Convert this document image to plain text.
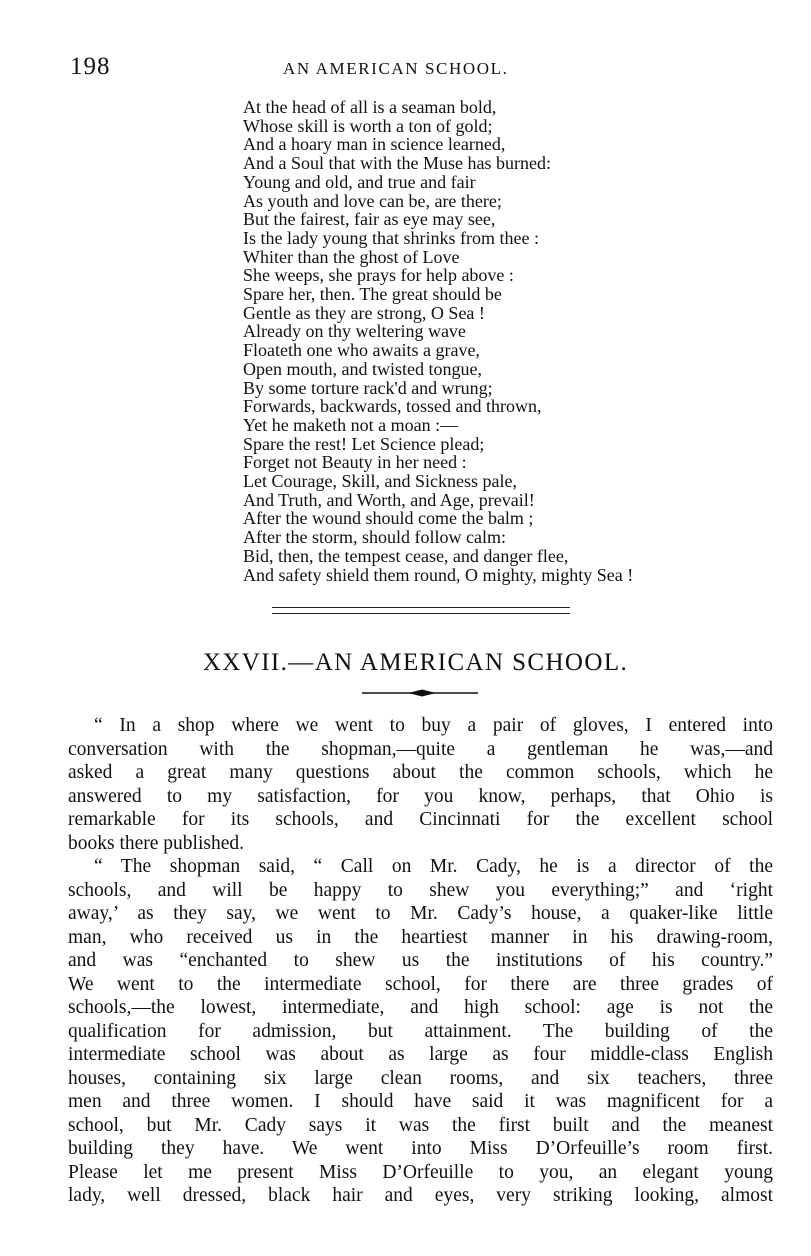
198	AN AMERICAN SCHOOL.
At the head of all is a seaman bold,
Whose skill is worth a ton of gold;
And a hoary man in science learned,
And a Soul that with the Muse has burned:
Young and old, and true and fair
As youth and love can be, are there;
But the fairest, fair as eye may see,
Is the lady young that shrinks from thee :
Whiter than the ghost of Love
She weeps, she prays for help above :
Spare her, then. The great should be
Gentle as they are strong, O Sea !
Already on thy weltering wave
Floateth one who awaits a grave,
Open mouth, and twisted tongue,
By some torture rack'd and wrung;
Forwards, backwards, tossed and thrown,
Yet he maketh not a moan :—
Spare the rest! Let Science plead;
Forget not Beauty in her need :
Let Courage, Skill, and Sickness pale,
And Truth, and Worth, and Age, prevail!
After the wound should come the balm ;
After the storm, should follow calm:
Bid, then, the tempest cease, and danger flee,
And safety shield them round, O mighty, mighty Sea !
XXVII.—AN AMERICAN SCHOOL.
“ In a shop where we went to buy a pair of gloves, I entered into
conversation with the shopman,—quite a gentleman he was,—and
asked a great many questions about the common schools, which he
answered to my satisfaction, for you know, perhaps, that Ohio is
remarkable for its schools, and Cincinnati for the excellent school
books there published.
“ The shopman said, “ Call on Mr. Cady, he is a director of the
schools, and will be happy to shew you everything;” and ‘right
away,’ as they say, we went to Mr. Cady’s house, a quaker-like little
man, who received us in the heartiest manner in his drawing-room,
and was “enchanted to shew us the institutions of his country.”
We went to the intermediate school, for there are three grades of
schools,—the lowest, intermediate, and high school: age is not the
qualification for admission, but attainment. The building of the
intermediate school was about as large as four middle-class English
houses, containing six large clean rooms, and six teachers, three
men and three women. I should have said it was magnificent for a
school, but Mr. Cady says it was the first built and the meanest
building they have. We went into Miss D’Orfeuille’s room first.
Please let me present Miss D’Orfeuille to you, an elegant young
lady, well dressed, black hair and eyes, very striking looking, almost
